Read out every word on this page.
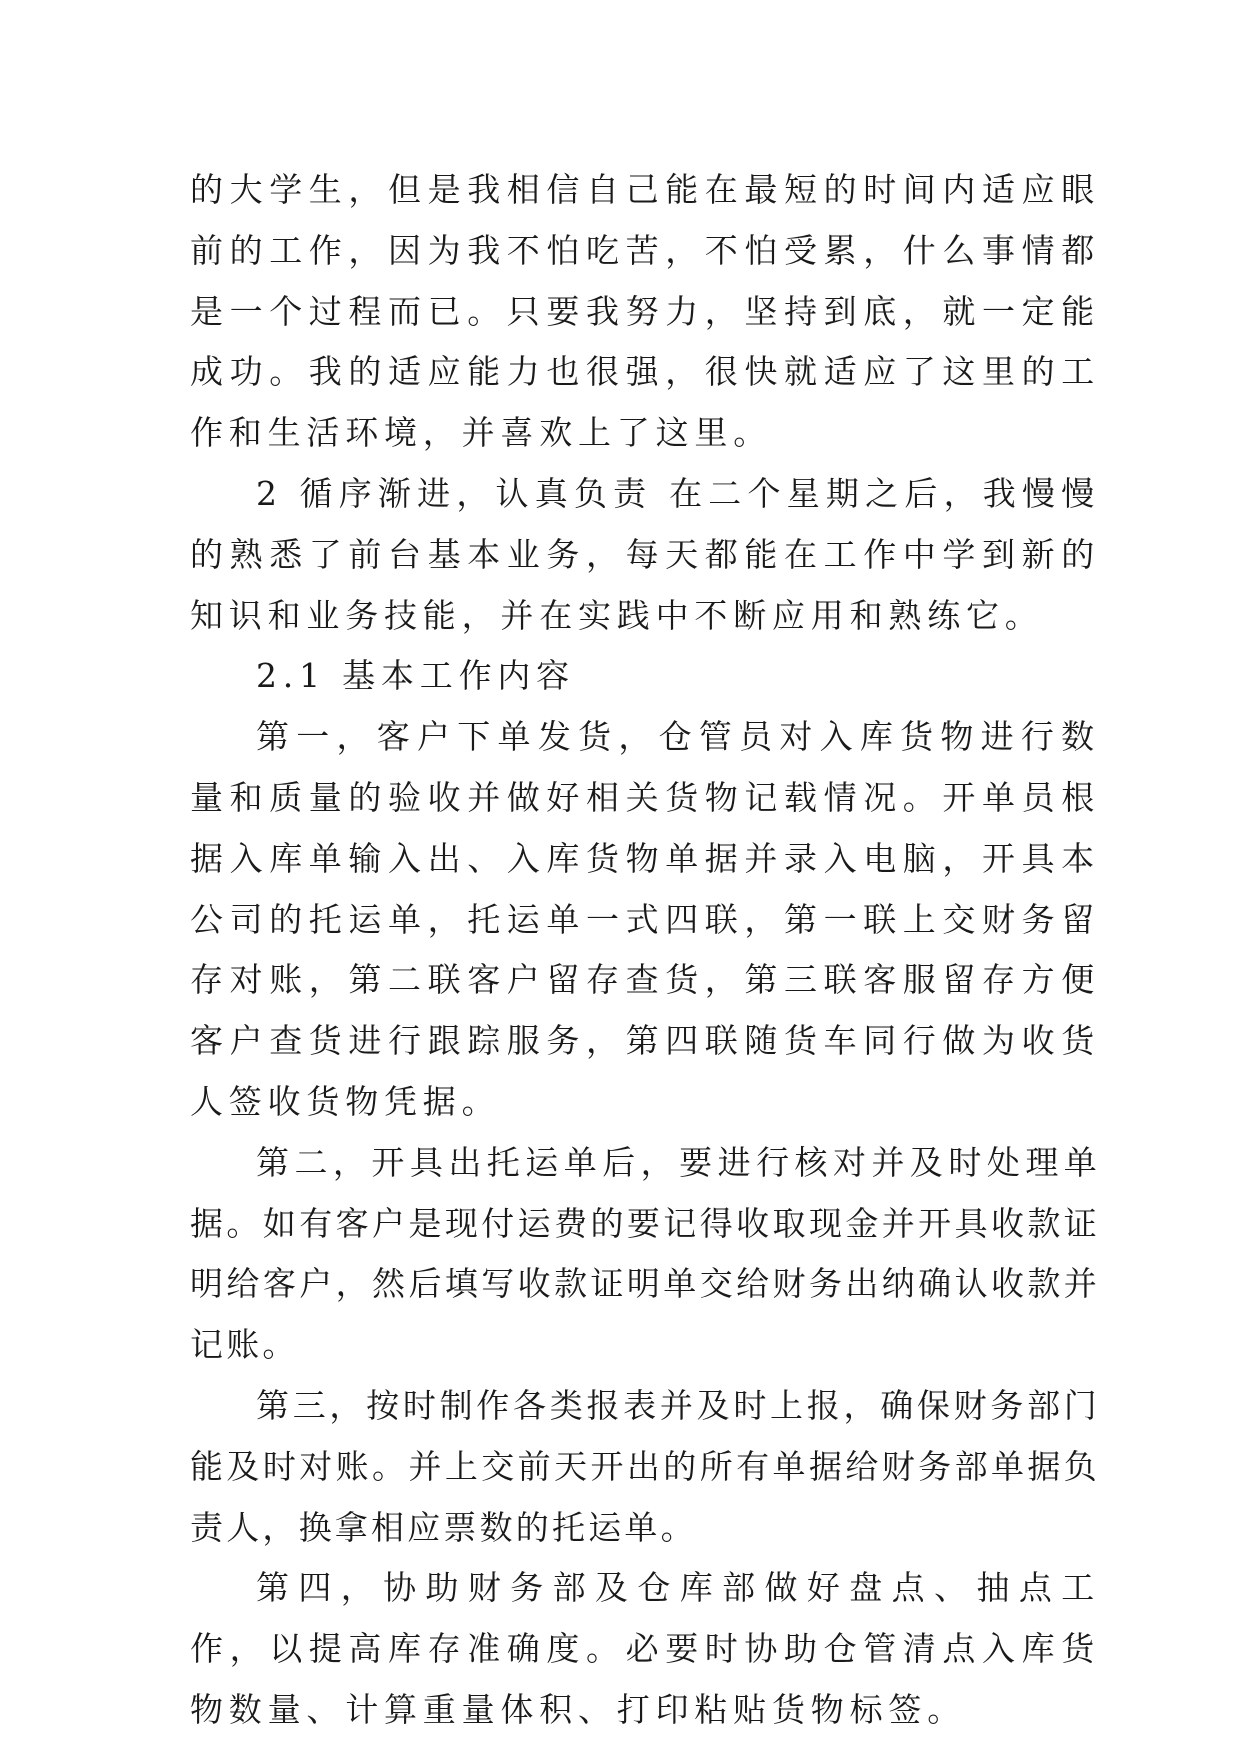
的大学生，但是我相信自己能在最短的时间内适应眼前的工作，因为我不怕吃苦，不怕受累，什么事情都是一个过程而已。只要我努力，坚持到底，就一定能成功。我的适应能力也很强，很快就适应了这里的工作和生活环境，并喜欢上了这里。

2 循序渐进，认真负责 在二个星期之后，我慢慢的熟悉了前台基本业务，每天都能在工作中学到新的知识和业务技能，并在实践中不断应用和熟练它。

2.1 基本工作内容

第一，客户下单发货，仓管员对入库货物进行数量和质量的验收并做好相关货物记载情况。开单员根据入库单输入出、入库货物单据并录入电脑，开具本公司的托运单，托运单一式四联，第一联上交财务留存对账，第二联客户留存查货，第三联客服留存方便客户查货进行跟踪服务，第四联随货车同行做为收货人签收货物凭据。

第二，开具出托运单后，要进行核对并及时处理单据。如有客户是现付运费的要记得收取现金并开具收款证明给客户，然后填写收款证明单交给财务出纳确认收款并记账。

第三，按时制作各类报表并及时上报，确保财务部门能及时对账。并上交前天开出的所有单据给财务部单据负责人，换拿相应票数的托运单。

第四，协助财务部及仓库部做好盘点、抽点工作，以提高库存准确度。必要时协助仓管清点入库货物数量、计算重量体积、打印粘贴货物标签。
